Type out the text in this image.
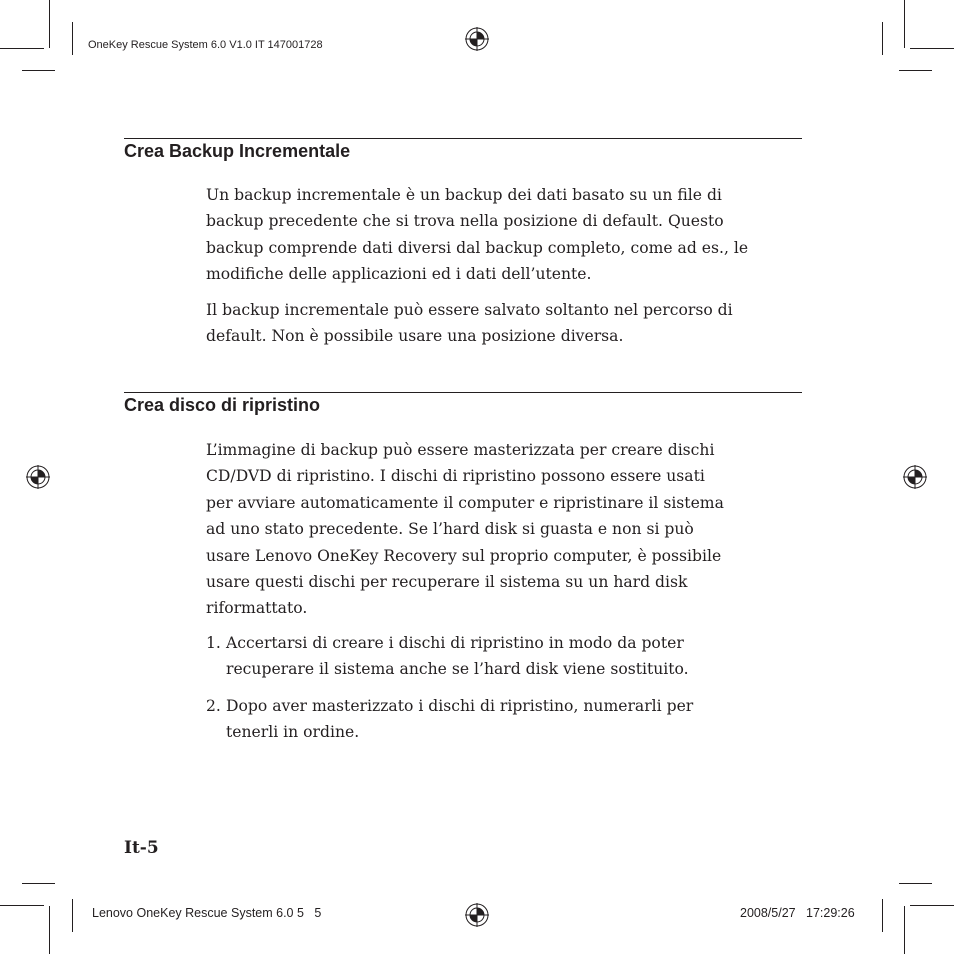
OneKey Rescue System 6.0 V1.0 IT 147001728
Crea Backup Incrementale

Un backup incrementale è un backup dei dati basato su un file di
backup precedente che si trova nella posizione di default. Questo
backup comprende dati diversi dal backup completo, come ad es., le
modifiche delle applicazioni ed i dati dell’utente.

Il backup incrementale può essere salvato soltanto nel percorso di
default. Non è possibile usare una posizione diversa.

Crea disco di ripristino

L’immagine di backup può essere masterizzata per creare dischi
CD/DVD di ripristino. I dischi di ripristino possono essere usati
per avviare automaticamente il computer e ripristinare il sistema
ad uno stato precedente. Se l’hard disk si guasta e non si può
usare Lenovo OneKey Recovery sul proprio computer, è possibile
usare questi dischi per recuperare il sistema su un hard disk
riformattato.

1. Accertarsi di creare i dischi di ripristino in modo da poter
recuperare il sistema anche se l’hard disk viene sostituito.
2. Dopo aver masterizzato i dischi di ripristino, numerarli per
tenerli in ordine.
It-5
Lenovo OneKey Rescue System 6.0 5 5	2008/5/27 17:29:26
